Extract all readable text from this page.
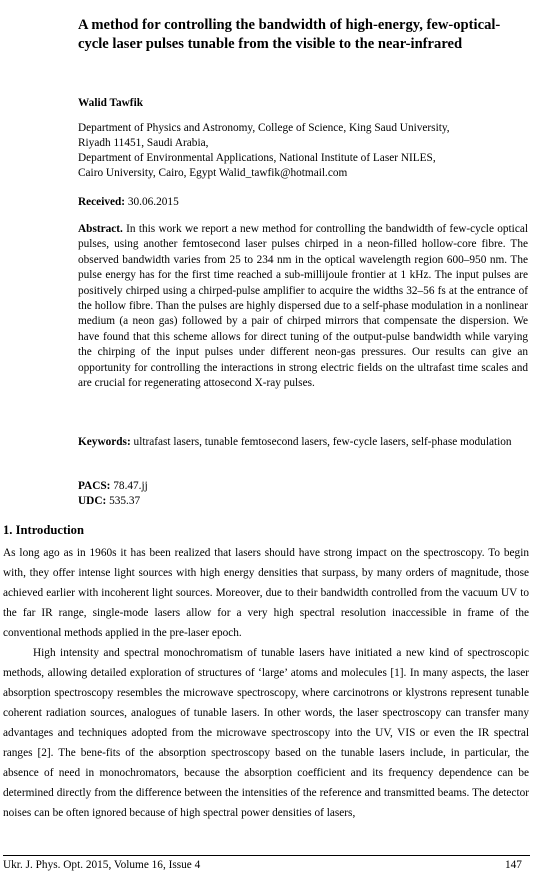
A method for controlling the bandwidth of high-energy, few-optical-cycle laser pulses tunable from the visible to the near-infrared
Walid Tawfik
Department of Physics and Astronomy, College of Science, King Saud University,
Riyadh 11451, Saudi Arabia,
Department of Environmental Applications, National Institute of Laser NILES,
Cairo University, Cairo, Egypt Walid_tawfik@hotmail.com
Received: 30.06.2015
Abstract. In this work we report a new method for controlling the bandwidth of few-cycle optical pulses, using another femtosecond laser pulses chirped in a neon-filled hollow-core fibre. The observed bandwidth varies from 25 to 234 nm in the optical wavelength region 600–950 nm. The pulse energy has for the first time reached a sub-millijoule frontier at 1 kHz. The input pulses are positively chirped using a chirped-pulse amplifier to acquire the widths 32–56 fs at the entrance of the hollow fibre. Than the pulses are highly dispersed due to a self-phase modulation in a nonlinear medium (a neon gas) followed by a pair of chirped mirrors that compensate the dispersion. We have found that this scheme allows for direct tuning of the output-pulse bandwidth while varying the chirping of the input pulses under different neon-gas pressures. Our results can give an opportunity for controlling the interactions in strong electric fields on the ultrafast time scales and are crucial for regenerating attosecond X-ray pulses.
Keywords: ultrafast lasers, tunable femtosecond lasers, few-cycle lasers, self-phase modulation
PACS: 78.47.jj
UDC: 535.37
1. Introduction

As long ago as in 1960s it has been realized that lasers should have strong impact on the spectroscopy. To begin with, they offer intense light sources with high energy densities that surpass, by many orders of magnitude, those achieved earlier with incoherent light sources. Moreover, due to their bandwidth controlled from the vacuum UV to the far IR range, single-mode lasers allow for a very high spectral resolution inaccessible in frame of the conventional methods applied in the pre-laser epoch.

High intensity and spectral monochromatism of tunable lasers have initiated a new kind of spectroscopic methods, allowing detailed exploration of structures of ‘large’ atoms and molecules [1]. In many aspects, the laser absorption spectroscopy resembles the microwave spectroscopy, where carcinotrons or klystrons represent tunable coherent radiation sources, analogues of tunable lasers. In other words, the laser spectroscopy can transfer many advantages and techniques adopted from the microwave spectroscopy into the UV, VIS or even the IR spectral ranges [2]. The bene-fits of the absorption spectroscopy based on the tunable lasers include, in particular, the absence of need in monochromators, because the absorption coefficient and its frequency dependence can be determined directly from the difference between the intensities of the reference and transmitted beams. The detector noises can be often ignored because of high spectral power densities of lasers,

Ukr. J. Phys. Opt. 2015, Volume 16, Issue 4	147
